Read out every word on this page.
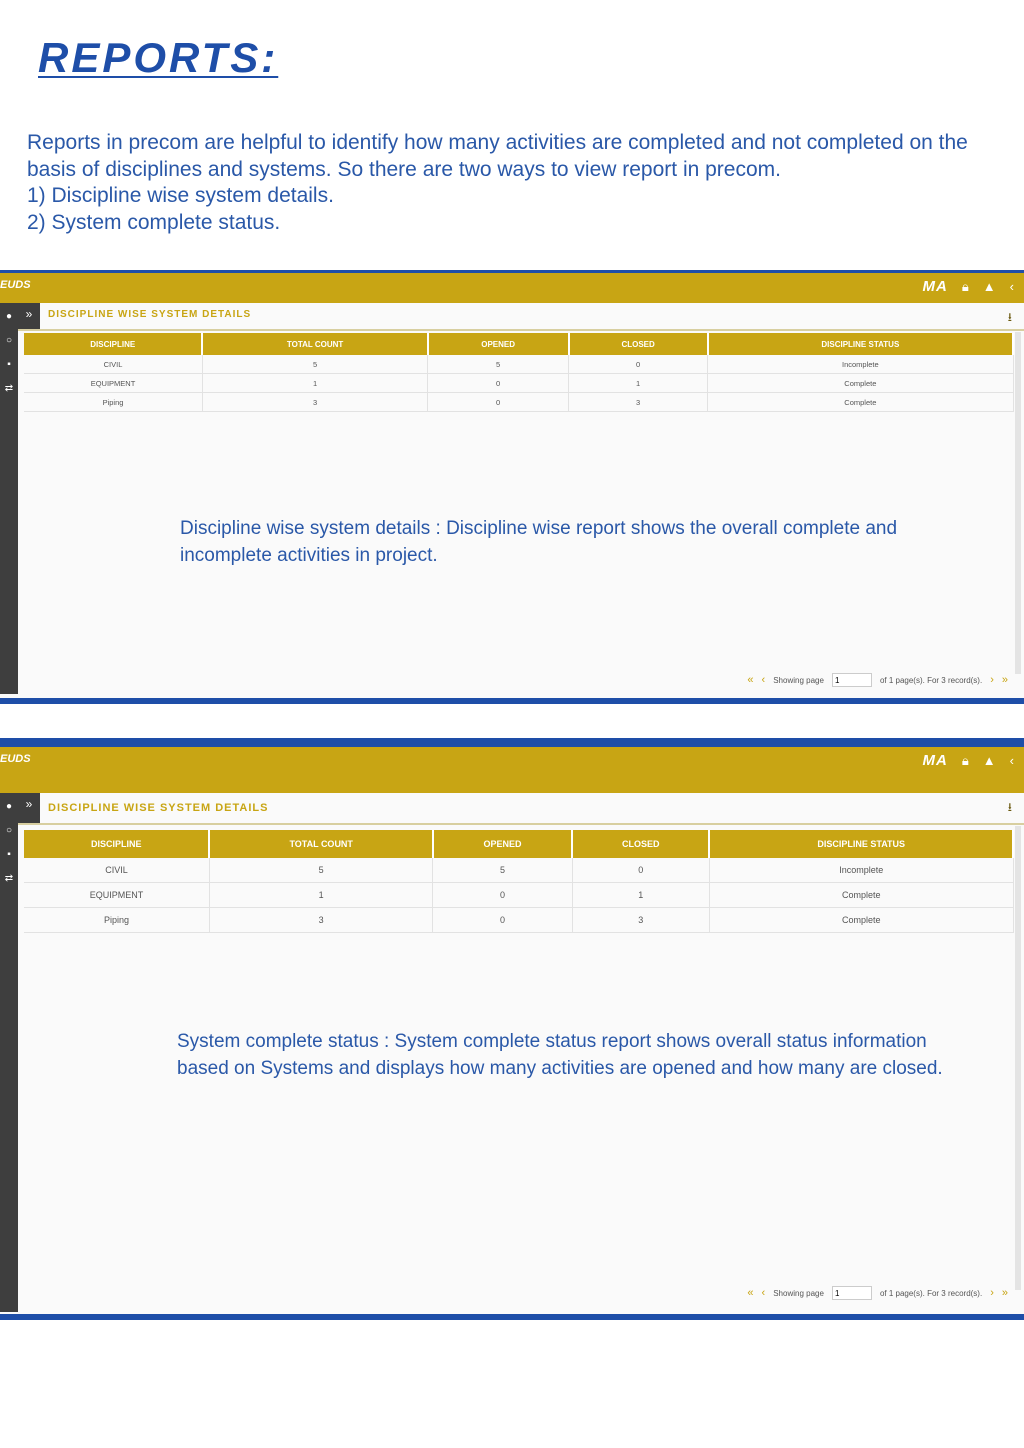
REPORTS:

Reports in precom are helpful to identify how many activities are completed and not completed on the basis of disciplines and systems. So there are two ways to view report in precom.

1) Discipline wise system details.

2) System complete status.

EUDS	MA 🔒︎ ▲ ‹
●
○
▪
⇄
»	DISCIPLINE WISE SYSTEM DETAILS	⭳
DISCIPLINE	TOTAL COUNT	OPENED	CLOSED	DISCIPLINE STATUS
CIVIL	5	5	0	Incomplete
EQUIPMENT	1	0	1	Complete
Piping	3	0	3	Complete
Discipline wise system details : Discipline wise report shows the overall complete and incomplete activities in project.
« ‹ Showing page
1	of 1 page(s). For 3 record(s). › »
EUDS	MA 🔒︎ ▲ ‹
●
○
▪
⇄
»	DISCIPLINE WISE SYSTEM DETAILS	⭳
DISCIPLINE	TOTAL COUNT	OPENED	CLOSED	DISCIPLINE STATUS
CIVIL	5	5	0	Incomplete
EQUIPMENT	1	0	1	Complete
Piping	3	0	3	Complete
System complete status : System complete status report shows overall status information based on Systems and displays how many activities are opened and how many are closed.
« ‹ Showing page
1	of 1 page(s). For 3 record(s). › »
